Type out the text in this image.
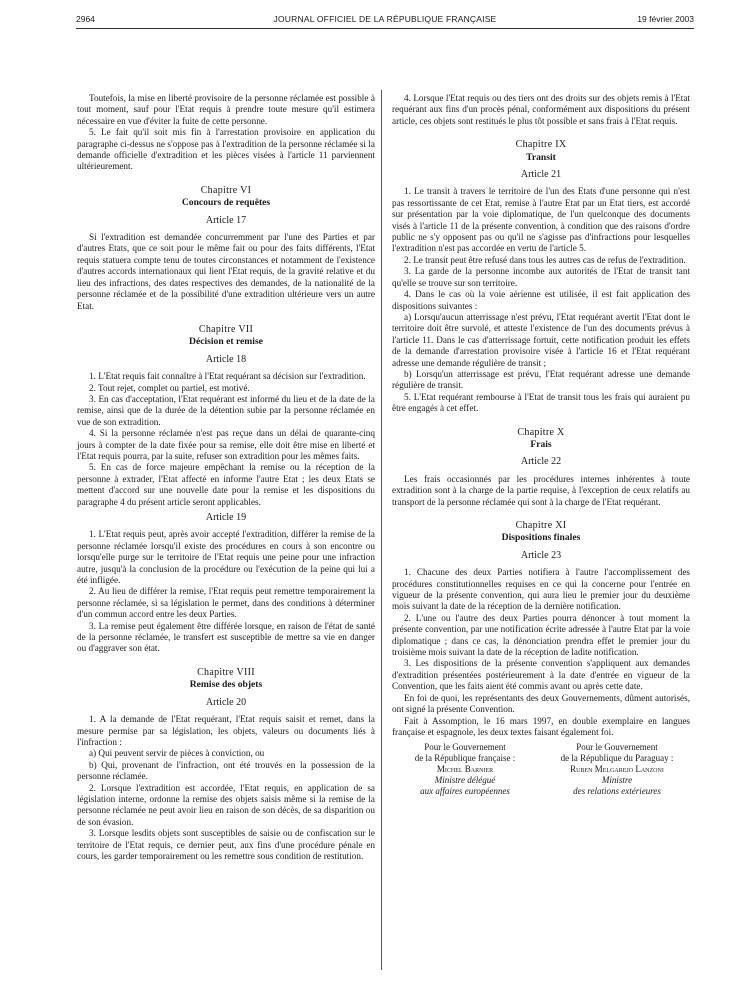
2964	JOURNAL OFFICIEL DE LA RÉPUBLIQUE FRANÇAISE	19 février 2003

Toutefois, la mise en liberté provisoire de la personne réclamée est possible à tout moment, sauf pour l'Etat requis à prendre toute mesure qu'il estimera nécessaire en vue d'éviter la fuite de cette personne.

5. Le fait qu'il soit mis fin à l'arrestation provisoire en application du paragraphe ci-dessus ne s'oppose pas à l'extradition de la personne réclamée si la demande officielle d'extradition et les pièces visées à l'article 11 parviennent ultérieurement.

Chapitre VI
Concours de requêtes
Article 17

Si l'extradition est demandée concurremment par l'une des Parties et par d'autres Etats, que ce soit pour le même fait ou pour des faits différents, l'Etat requis statuera compte tenu de toutes circonstances et notamment de l'existence d'autres accords internationaux qui lient l'Etat requis, de la gravité relative et du lieu des infractions, des dates respectives des demandes, de la nationalité de la personne réclamée et de la possibilité d'une extradition ultérieure vers un autre Etat.

Chapitre VII
Décision et remise
Article 18

1. L'Etat requis fait connaître à l'Etat requérant sa décision sur l'extradition.

2. Tout rejet, complet ou partiel, est motivé.

3. En cas d'acceptation, l'Etat requérant est informé du lieu et de la date de la remise, ainsi que de la durée de la détention subie par la personne réclamée en vue de son extradition.

4. Si la personne réclamée n'est pas reçue dans un délai de quarante-cinq jours à compter de la date fixée pour sa remise, elle doit être mise en liberté et l'Etat requis pourra, par la suite, refuser son extradition pour les mêmes faits.

5. En cas de force majeure empêchant la remise ou la réception de la personne à extrader, l'Etat affecté en informe l'autre Etat ; les deux Etats se mettent d'accord sur une nouvelle date pour la remise et les dispositions du paragraphe 4 du présent article seront applicables.

Article 19

1. L'Etat requis peut, après avoir accepté l'extradition, différer la remise de la personne réclamée lorsqu'il existe des procédures en cours à son encontre ou lorsqu'elle purge sur le territoire de l'Etat requis une peine pour une infraction autre, jusqu'à la conclusion de la procédure ou l'exécution de la peine qui lui a été infligée.

2. Au lieu de différer la remise, l'Etat requis peut remettre temporairement la personne réclamée, si sa législation le permet, dans des conditions à déterminer d'un commun accord entre les deux Parties.

3. La remise peut également être différée lorsque, en raison de l'état de santé de la personne réclamée, le transfert est susceptible de mettre sa vie en danger ou d'aggraver son état.

Chapitre VIII
Remise des objets
Article 20

1. A la demande de l'Etat requérant, l'Etat requis saisit et remet, dans la mesure permise par sa législation, les objets, valeurs ou documents liés à l'infraction :

a) Qui peuvent servir de pièces à conviction, ou

b) Qui, provenant de l'infraction, ont été trouvés en la possession de la personne réclamée.

2. Lorsque l'extradition est accordée, l'Etat requis, en application de sa législation interne, ordonne la remise des objets saisis même si la remise de la personne réclamée ne peut avoir lieu en raison de son décès, de sa disparition ou de son évasion.

3. Lorsque lesdits objets sont susceptibles de saisie ou de confiscation sur le territoire de l'Etat requis, ce dernier peut, aux fins d'une procédure pénale en cours, les garder temporairement ou les remettre sous condition de restitution.

4. Lorsque l'Etat requis ou des tiers ont des droits sur des objets remis à l'Etat requérant aux fins d'un procès pénal, conformément aux dispositions du présent article, ces objets sont restitués le plus tôt possible et sans frais à l'Etat requis.

Chapitre IX
Transit
Article 21

1. Le transit à travers le territoire de l'un des Etats d'une personne qui n'est pas ressortissante de cet Etat, remise à l'autre Etat par un Etat tiers, est accordé sur présentation par la voie diplomatique, de l'un quelconque des documents visés à l'article 11 de la présente convention, à condition que des raisons d'ordre public ne s'y opposent pas ou qu'il ne s'agisse pas d'infractions pour lesquelles l'extradition n'est pas accordée en vertu de l'article 5.

2. Le transit peut être refusé dans tous les autres cas de refus de l'extradition.

3. La garde de la personne incombe aux autorités de l'Etat de transit tant qu'elle se trouve sur son territoire.

4. Dans le cas où la voie aérienne est utilisée, il est fait application des dispositions suivantes :

a) Lorsqu'aucun atterrissage n'est prévu, l'Etat requérant avertit l'Etat dont le territoire doit être survolé, et atteste l'existence de l'un des documents prévus à l'article 11. Dans le cas d'atterrissage fortuit, cette notification produit les effets de la demande d'arrestation provisoire visée à l'article 16 et l'Etat requérant adresse une demande régulière de transit ;

b) Lorsqu'un atterrissage est prévu, l'Etat requérant adresse une demande régulière de transit.

5. L'Etat requérant rembourse à l'Etat de transit tous les frais qui auraient pu être engagés à cet effet.

Chapitre X
Frais
Article 22

Les frais occasionnés par les procédures internes inhérentes à toute extradition sont à la charge de la partie requise, à l'exception de ceux relatifs au transport de la personne réclamée qui sont à la charge de l'Etat requérant.

Chapitre XI
Dispositions finales
Article 23

1. Chacune des deux Parties notifiera à l'autre l'accomplissement des procédures constitutionnelles requises en ce qui la concerne pour l'entrée en vigueur de la présente convention, qui aura lieu le premier jour du deuxième mois suivant la date de la réception de la dernière notification.

2. L'une ou l'autre des deux Parties pourra dénoncer à tout moment la présente convention, par une notification écrite adressée à l'autre Etat par la voie diplomatique ; dans ce cas, la dénonciation prendra effet le premier jour du troisième mois suivant la date de la réception de ladite notification.

3. Les dispositions de la présente convention s'appliquent aux demandes d'extradition présentées postérieurement à la date d'entrée en vigueur de la Convention, que les faits aient été commis avant ou après cette date.

En foi de quoi, les représentants des deux Gouvernements, dûment autorisés, ont signé la présente Convention.

Fait à Assomption, le 16 mars 1997, en double exemplaire en langues française et espagnole, les deux textes faisant également foi.

Pour le Gouvernement
de la République française :
Michel Barnier
Ministre délégué
aux affaires européennes
Pour le Gouvernement
de la République du Paraguay :
Ruben Melgarejo Lanzoni
Ministre
des relations extérieures
